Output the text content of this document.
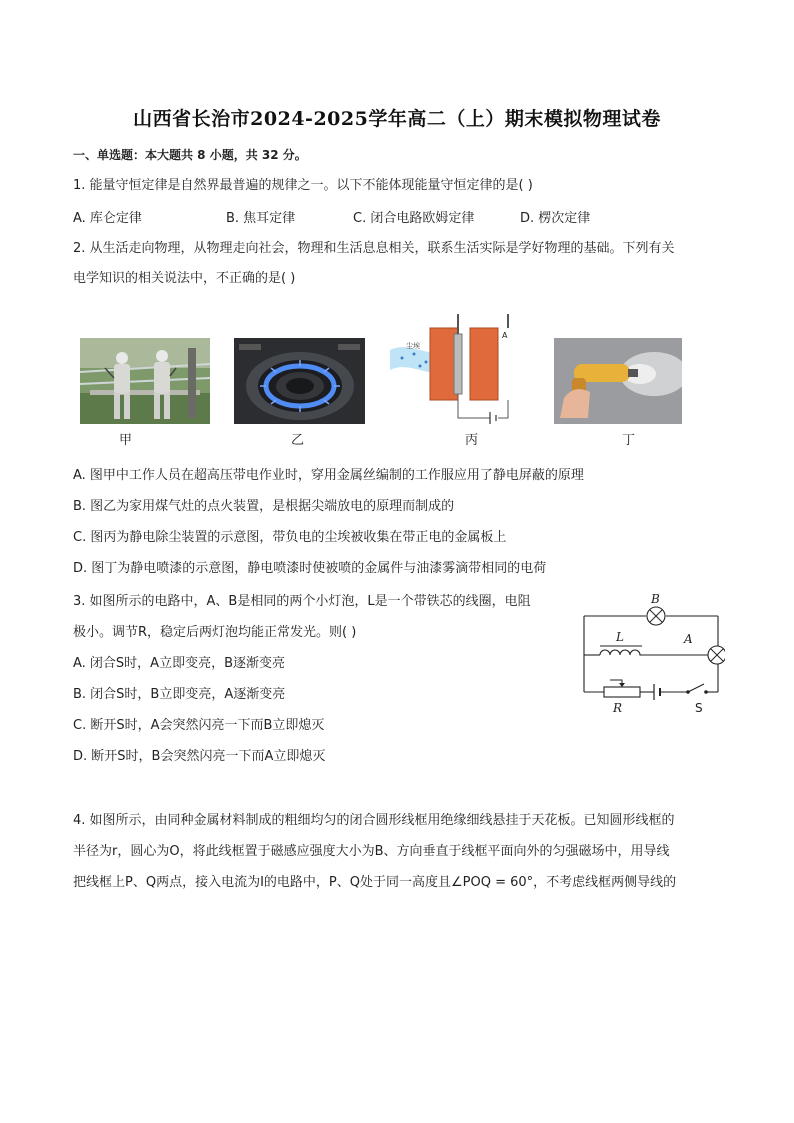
山西省长治市2024-2025学年高二（上）期末模拟物理试卷
一、单选题：本大题共 8 小题，共 32 分。
1. 能量守恒定律是自然界最普遍的规律之一。以下不能体现能量守恒定律的是( )
A. 库仑定律	B. 焦耳定律	C. 闭合电路欧姆定律	D. 楞次定律
2. 从生活走向物理，从物理走向社会，物理和生活息息相关，联系生活实际是学好物理的基础。下列有关
电学知识的相关说法中，不正确的是( )
甲	乙
尘埃
A
丙	丁
A. 图甲中工作人员在超高压带电作业时，穿用金属丝编制的工作服应用了静电屏蔽的原理
B. 图乙为家用煤气灶的点火装置，是根据尖端放电的原理而制成的
C. 图丙为静电除尘装置的示意图，带负电的尘埃被收集在带正电的金属板上
D. 图丁为静电喷漆的示意图，静电喷漆时使被喷的金属件与油漆雾滴带相同的电荷
3. 如图所示的电路中，A、B是相同的两个小灯泡，L是一个带铁芯的线圈，电阻
极小。调节R，稳定后两灯泡均能正常发光。则( )
A. 闭合S时，A立即变亮，B逐渐变亮
B. 闭合S时，B立即变亮，A逐渐变亮
C. 断开S时，A会突然闪亮一下而B立即熄灭
D. 断开S时，B会突然闪亮一下而A立即熄灭
B
L	A
R	S
4. 如图所示，由同种金属材料制成的粗细均匀的闭合圆形线框用绝缘细线悬挂于天花板。已知圆形线框的
半径为r，圆心为O，将此线框置于磁感应强度大小为B、方向垂直于线框平面向外的匀强磁场中，用导线
把线框上P、Q两点，接入电流为I的电路中，P、Q处于同一高度且∠POQ = 60°，不考虑线框两侧导线的
